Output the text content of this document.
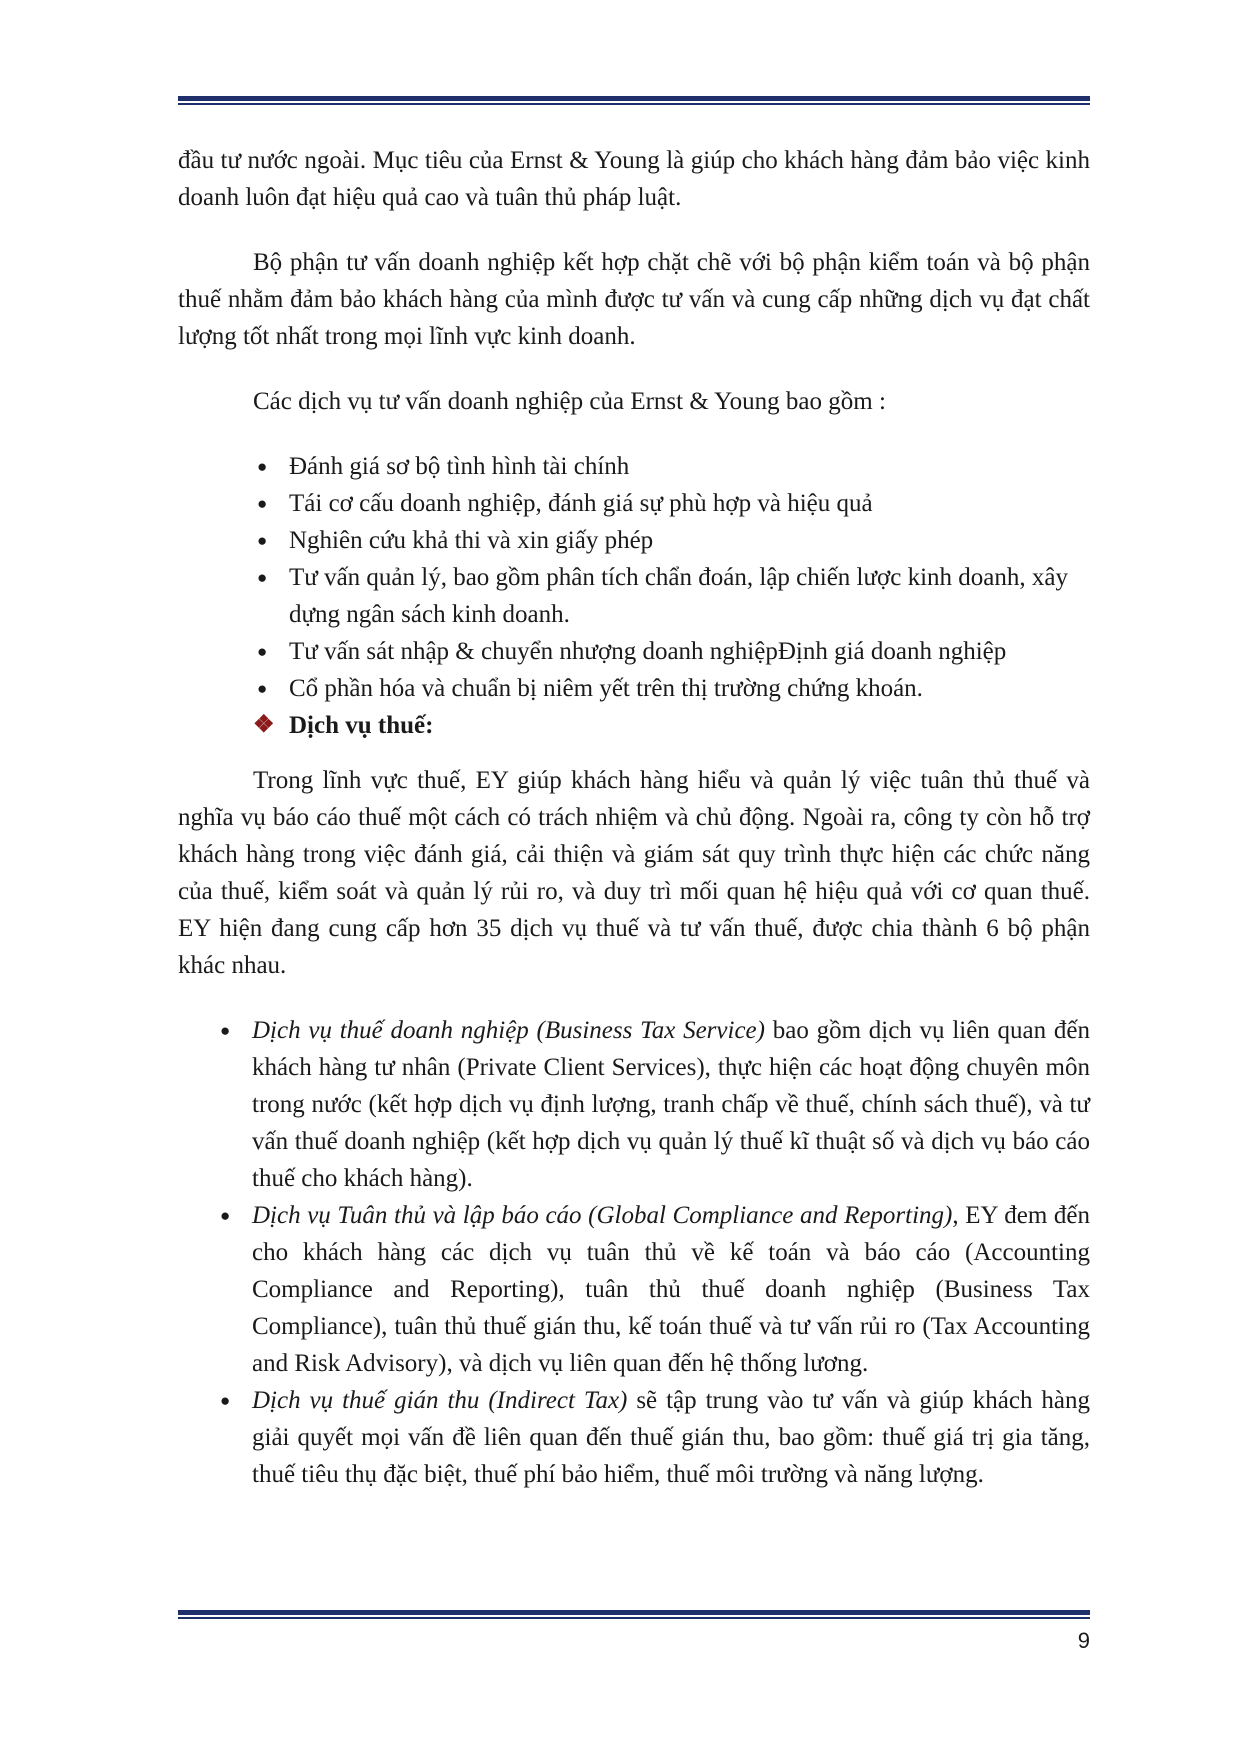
đầu tư nước ngoài. Mục tiêu của Ernst & Young là giúp cho khách hàng đảm bảo việc kinh doanh luôn đạt hiệu quả cao và tuân thủ pháp luật.

Bộ phận tư vấn doanh nghiệp kết hợp chặt chẽ với bộ phận kiểm toán và bộ phận thuế nhằm đảm bảo khách hàng của mình được tư vấn và cung cấp những dịch vụ đạt chất lượng tốt nhất trong mọi lĩnh vực kinh doanh.

Các dịch vụ tư vấn doanh nghiệp của Ernst & Young bao gồm :

● Đánh giá sơ bộ tình hình tài chính
● Tái cơ cấu doanh nghiệp, đánh giá sự phù hợp và hiệu quả
● Nghiên cứu khả thi và xin giấy phép
● Tư vấn quản lý, bao gồm phân tích chẩn đoán, lập chiến lược kinh doanh, xây dựng ngân sách kinh doanh.
● Tư vấn sát nhập & chuyển nhượng doanh nghiệpĐịnh giá doanh nghiệp
● Cổ phần hóa và chuẩn bị niêm yết trên thị trường chứng khoán.
❖ Dịch vụ thuế:

Trong lĩnh vực thuế, EY giúp khách hàng hiểu và quản lý việc tuân thủ thuế và nghĩa vụ báo cáo thuế một cách có trách nhiệm và chủ động. Ngoài ra, công ty còn hỗ trợ khách hàng trong việc đánh giá, cải thiện và giám sát quy trình thực hiện các chức năng của thuế, kiểm soát và quản lý rủi ro, và duy trì mối quan hệ hiệu quả với cơ quan thuế. EY hiện đang cung cấp hơn 35 dịch vụ thuế và tư vấn thuế, được chia thành 6 bộ phận khác nhau.

● Dịch vụ thuế doanh nghiệp (Business Tax Service) bao gồm dịch vụ liên quan đến khách hàng tư nhân (Private Client Services), thực hiện các hoạt động chuyên môn trong nước (kết hợp dịch vụ định lượng, tranh chấp về thuế, chính sách thuế), và tư vấn thuế doanh nghiệp (kết hợp dịch vụ quản lý thuế kĩ thuật số và dịch vụ báo cáo thuế cho khách hàng).
● Dịch vụ Tuân thủ và lập báo cáo (Global Compliance and Reporting), EY đem đến cho khách hàng các dịch vụ tuân thủ về kế toán và báo cáo (Accounting Compliance and Reporting), tuân thủ thuế doanh nghiệp (Business Tax Compliance), tuân thủ thuế gián thu, kế toán thuế và tư vấn rủi ro (Tax Accounting and Risk Advisory), và dịch vụ liên quan đến hệ thống lương.
● Dịch vụ thuế gián thu (Indirect Tax) sẽ tập trung vào tư vấn và giúp khách hàng giải quyết mọi vấn đề liên quan đến thuế gián thu, bao gồm: thuế giá trị gia tăng, thuế tiêu thụ đặc biệt, thuế phí bảo hiểm, thuế môi trường và năng lượng.
9
